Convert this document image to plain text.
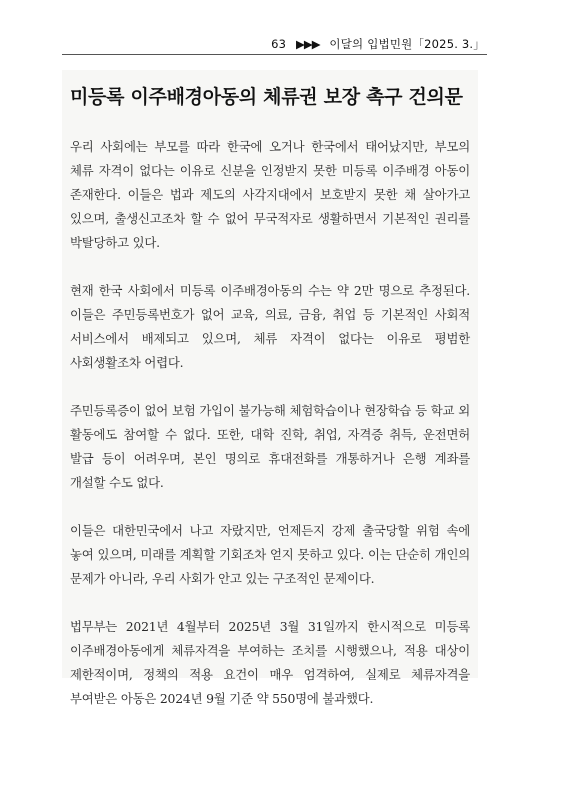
63 ▶▶▶ 이달의 입법민원「2025. 3.」
미등록 이주배경아동의 체류권 보장 촉구 건의문

우리 사회에는 부모를 따라 한국에 오거나 한국에서 태어났지만, 부모의 체류 자격이 없다는 이유로 신분을 인정받지 못한 미등록 이주배경 아동이 존재한다. 이들은 법과 제도의 사각지대에서 보호받지 못한 채 살아가고 있으며, 출생신고조차 할 수 없어 무국적자로 생활하면서 기본적인 권리를 박탈당하고 있다.

현재 한국 사회에서 미등록 이주배경아동의 수는 약 2만 명으로 추정된다. 이들은 주민등록번호가 없어 교육, 의료, 금융, 취업 등 기본적인 사회적 서비스에서 배제되고 있으며, 체류 자격이 없다는 이유로 평범한 사회생활조차 어렵다.

주민등록증이 없어 보험 가입이 불가능해 체험학습이나 현장학습 등 학교 외 활동에도 참여할 수 없다. 또한, 대학 진학, 취업, 자격증 취득, 운전면허 발급 등이 어려우며, 본인 명의로 휴대전화를 개통하거나 은행 계좌를 개설할 수도 없다.

이들은 대한민국에서 나고 자랐지만, 언제든지 강제 출국당할 위험 속에 놓여 있으며, 미래를 계획할 기회조차 얻지 못하고 있다. 이는 단순히 개인의 문제가 아니라, 우리 사회가 안고 있는 구조적인 문제이다.

법무부는 2021년 4월부터 2025년 3월 31일까지 한시적으로 미등록 이주배경아동에게 체류자격을 부여하는 조치를 시행했으나, 적용 대상이 제한적이며, 정책의 적용 요건이 매우 엄격하여, 실제로 체류자격을 부여받은 아동은 2024년 9월 기준 약 550명에 불과했다.
